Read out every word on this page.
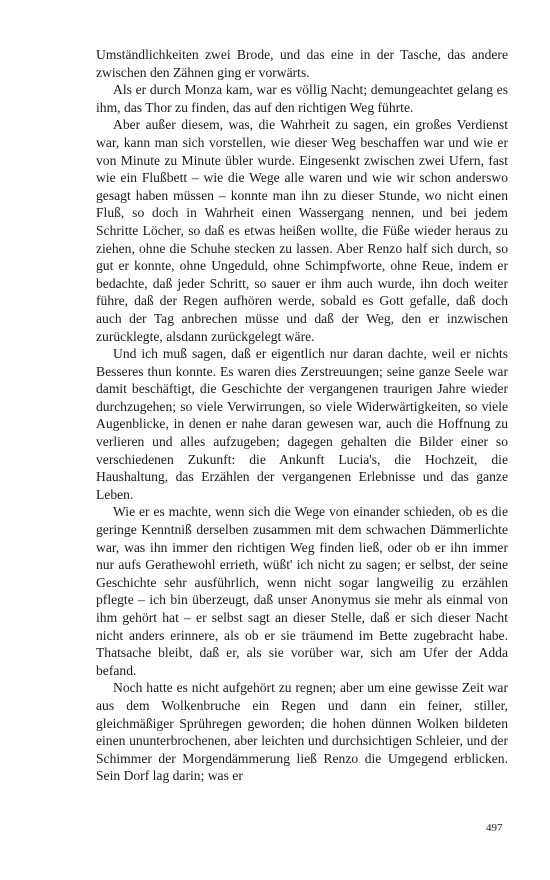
Umständlichkeiten zwei Brode, und das eine in der Tasche, das andere zwischen den Zähnen ging er vorwärts.

Als er durch Monza kam, war es völlig Nacht; demungeachtet gelang es ihm, das Thor zu finden, das auf den richtigen Weg führte.

Aber außer diesem, was, die Wahrheit zu sagen, ein großes Verdienst war, kann man sich vorstellen, wie dieser Weg beschaffen war und wie er von Minute zu Minute übler wurde. Eingesenkt zwischen zwei Ufern, fast wie ein Flußbett – wie die Wege alle waren und wie wir schon anderswo gesagt haben müssen – konnte man ihn zu dieser Stunde, wo nicht einen Fluß, so doch in Wahrheit einen Wassergang nennen, und bei jedem Schritte Löcher, so daß es etwas heißen wollte, die Füße wieder heraus zu ziehen, ohne die Schuhe stecken zu lassen. Aber Renzo half sich durch, so gut er konnte, ohne Ungeduld, ohne Schimpfworte, ohne Reue, indem er bedachte, daß jeder Schritt, so sauer er ihm auch wurde, ihn doch weiter führe, daß der Regen aufhören werde, sobald es Gott gefalle, daß doch auch der Tag anbrechen müsse und daß der Weg, den er inzwischen zurücklegte, alsdann zurückgelegt wäre.

Und ich muß sagen, daß er eigentlich nur daran dachte, weil er nichts Besseres thun konnte. Es waren dies Zerstreuungen; seine ganze Seele war damit beschäftigt, die Geschichte der vergangenen traurigen Jahre wieder durchzugehen; so viele Verwirrungen, so viele Widerwärtigkeiten, so viele Augenblicke, in denen er nahe daran gewesen war, auch die Hoffnung zu verlieren und alles aufzugeben; dagegen gehalten die Bilder einer so verschiedenen Zukunft: die Ankunft Lucia's, die Hochzeit, die Haushaltung, das Erzählen der vergangenen Erlebnisse und das ganze Leben.

Wie er es machte, wenn sich die Wege von einander schieden, ob es die geringe Kenntniß derselben zusammen mit dem schwachen Dämmerlichte war, was ihn immer den richtigen Weg finden ließ, oder ob er ihn immer nur aufs Gerathewohl errieth, wüßt' ich nicht zu sagen; er selbst, der seine Geschichte sehr ausführlich, wenn nicht sogar langweilig zu erzählen pflegte – ich bin überzeugt, daß unser Anonymus sie mehr als einmal von ihm gehört hat – er selbst sagt an dieser Stelle, daß er sich dieser Nacht nicht anders erinnere, als ob er sie träumend im Bette zugebracht habe. Thatsache bleibt, daß er, als sie vorüber war, sich am Ufer der Adda befand.

Noch hatte es nicht aufgehört zu regnen; aber um eine gewisse Zeit war aus dem Wolkenbruche ein Regen und dann ein feiner, stiller, gleichmäßiger Sprühregen geworden; die hohen dünnen Wolken bildeten einen ununterbrochenen, aber leichten und durchsichtigen Schleier, und der Schimmer der Morgendämmerung ließ Renzo die Umgegend erblicken. Sein Dorf lag darin; was er

497
